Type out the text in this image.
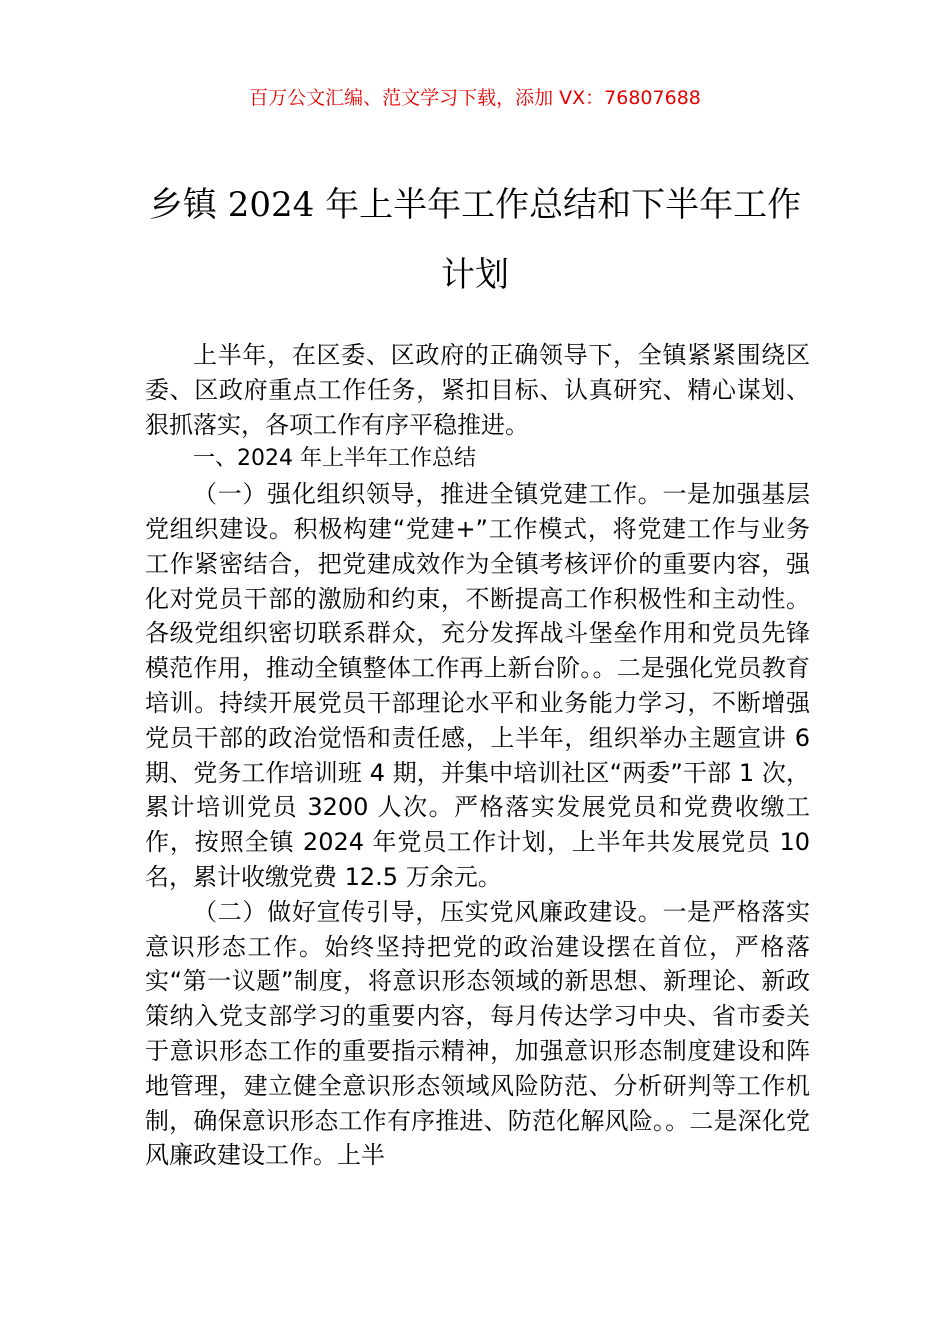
百万公文汇编、范文学习下载，添加 VX：76807688
乡镇 2024 年上半年工作总结和下半年工作
计划

上半年，在区委、区政府的正确领导下，全镇紧紧围绕区委、区政府重点工作任务，紧扣目标、认真研究、精心谋划、狠抓落实，各项工作有序平稳推进。

一、2024 年上半年工作总结

（一）强化组织领导，推进全镇党建工作。一是加强基层党组织建设。积极构建“党建+”工作模式，将党建工作与业务工作紧密结合，把党建成效作为全镇考核评价的重要内容，强化对党员干部的激励和约束，不断提高工作积极性和主动性。各级党组织密切联系群众，充分发挥战斗堡垒作用和党员先锋模范作用，推动全镇整体工作再上新台阶。。二是强化党员教育培训。持续开展党员干部理论水平和业务能力学习，不断增强党员干部的政治觉悟和责任感，上半年，组织举办主题宣讲 6 期、党务工作培训班 4 期，并集中培训社区“两委”干部 1 次，累计培训党员 3200 人次。严格落实发展党员和党费收缴工作，按照全镇 2024 年党员工作计划，上半年共发展党员 10 名，累计收缴党费 12.5 万余元。

（二）做好宣传引导，压实党风廉政建设。一是严格落实意识形态工作。始终坚持把党的政治建设摆在首位，严格落实“第一议题”制度，将意识形态领域的新思想、新理论、新政策纳入党支部学习的重要内容，每月传达学习中央、省市委关于意识形态工作的重要指示精神，加强意识形态制度建设和阵地管理，建立健全意识形态领域风险防范、分析研判等工作机制，确保意识形态工作有序推进、防范化解风险。。二是深化党风廉政建设工作。上半
